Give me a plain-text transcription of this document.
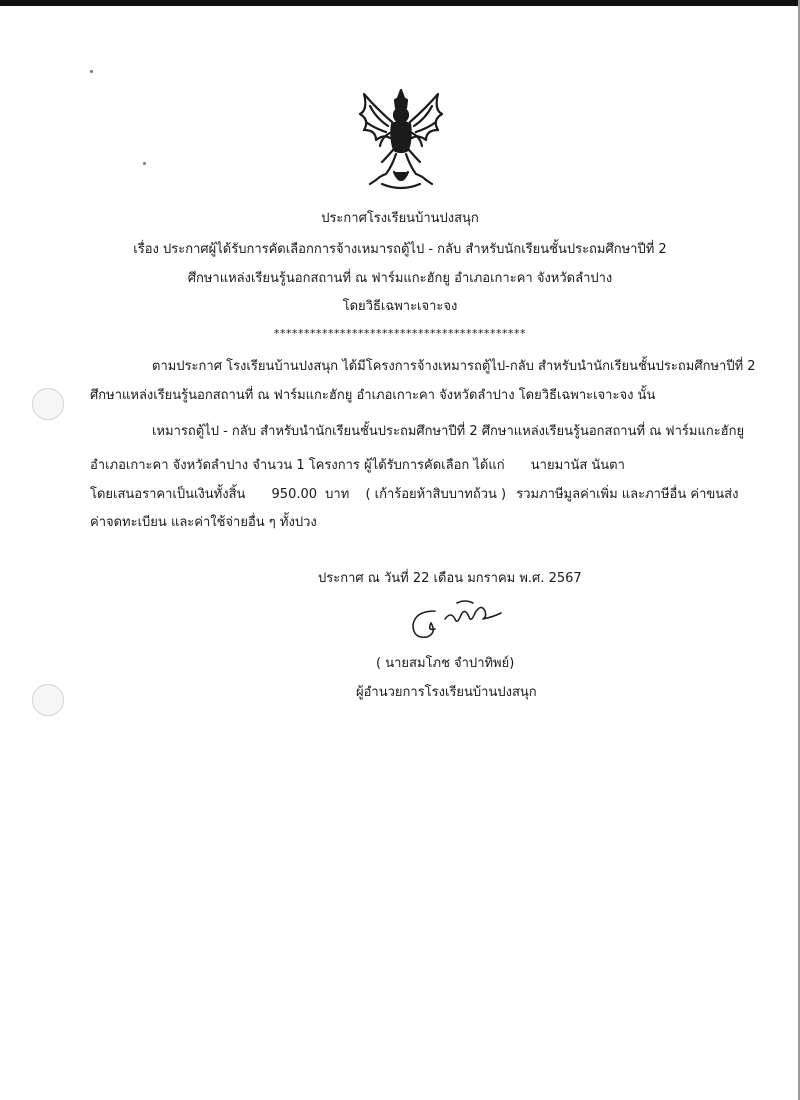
ประกาศโรงเรียนบ้านปงสนุก
เรื่อง ประกาศผู้ได้รับการคัดเลือกการจ้างเหมารถตู้ไป - กลับ สำหรับนักเรียนชั้นประถมศึกษาปีที่ 2
ศึกษาแหล่งเรียนรู้นอกสถานที่ ณ ฟาร์มแกะฮักยู อำเภอเกาะคา จังหวัดลำปาง
โดยวิธีเฉพาะเจาะจง
******************************************
ตามประกาศ โรงเรียนบ้านปงสนุก ได้มีโครงการจ้างเหมารถตู้ไป-กลับ สำหรับนำนักเรียนชั้นประถมศึกษาปีที่ 2
ศึกษาแหล่งเรียนรู้นอกสถานที่ ณ ฟาร์มแกะฮักยู อำเภอเกาะคา จังหวัดลำปาง โดยวิธีเฉพาะเจาะจง นั้น
เหมารถตู้ไป - กลับ สำหรับนำนักเรียนชั้นประถมศึกษาปีที่ 2 ศึกษาแหล่งเรียนรู้นอกสถานที่ ณ ฟาร์มแกะฮักยู
อำเภอเกาะคา จังหวัดลำปาง จำนวน 1 โครงการ ผู้ได้รับการคัดเลือก ได้แก่ นายมานัส นันตา
โดยเสนอราคาเป็นเงินทั้งสิ้น 950.00 บาท ( เก้าร้อยห้าสิบบาทถ้วน ) รวมภาษีมูลค่าเพิ่ม และภาษีอื่น ค่าขนส่ง
ค่าจดทะเบียน และค่าใช้จ่ายอื่น ๆ ทั้งปวง
ประกาศ ณ วันที่ 22 เดือน มกราคม พ.ศ. 2567
( นายสมโภช จำปาทิพย์)
ผู้อำนวยการโรงเรียนบ้านปงสนุก
